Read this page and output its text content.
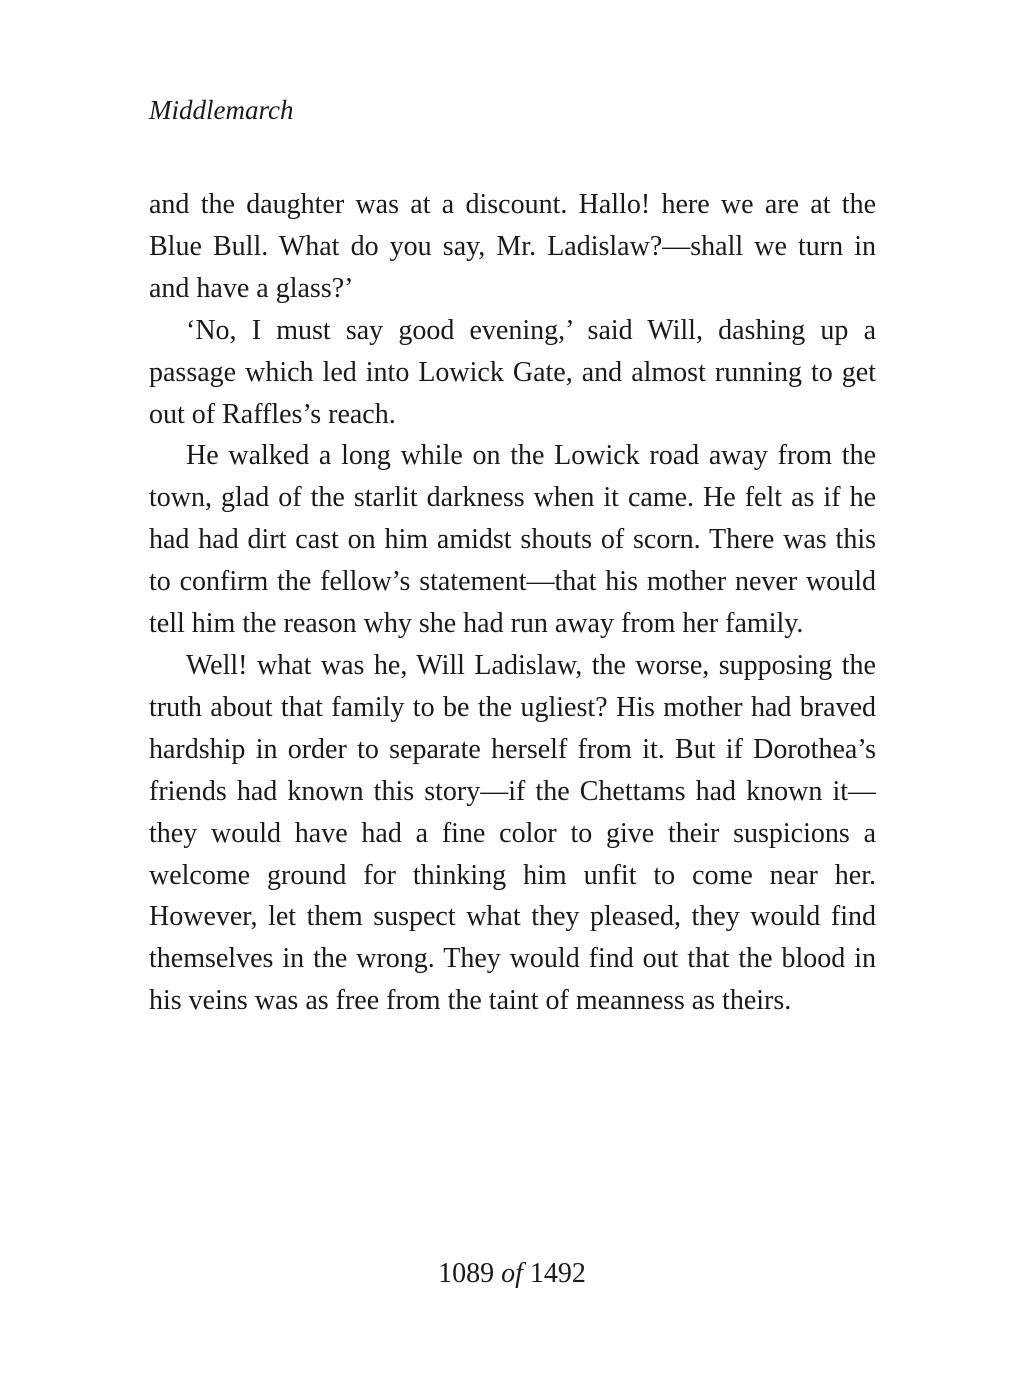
Middlemarch

and the daughter was at a discount. Hallo! here we are at the Blue Bull. What do you say, Mr. Ladislaw?—shall we turn in and have a glass?’

‘No, I must say good evening,’ said Will, dashing up a passage which led into Lowick Gate, and almost running to get out of Raffles’s reach.

He walked a long while on the Lowick road away from the town, glad of the starlit darkness when it came. He felt as if he had had dirt cast on him amidst shouts of scorn. There was this to confirm the fellow’s statement—that his mother never would tell him the reason why she had run away from her family.

Well! what was he, Will Ladislaw, the worse, supposing the truth about that family to be the ugliest? His mother had braved hardship in order to separate herself from it. But if Dorothea’s friends had known this story—if the Chettams had known it— they would have had a fine color to give their suspicions a welcome ground for thinking him unfit to come near her. However, let them suspect what they pleased, they would find themselves in the wrong. They would find out that the blood in his veins was as free from the taint of meanness as theirs.

1089 of 1492
